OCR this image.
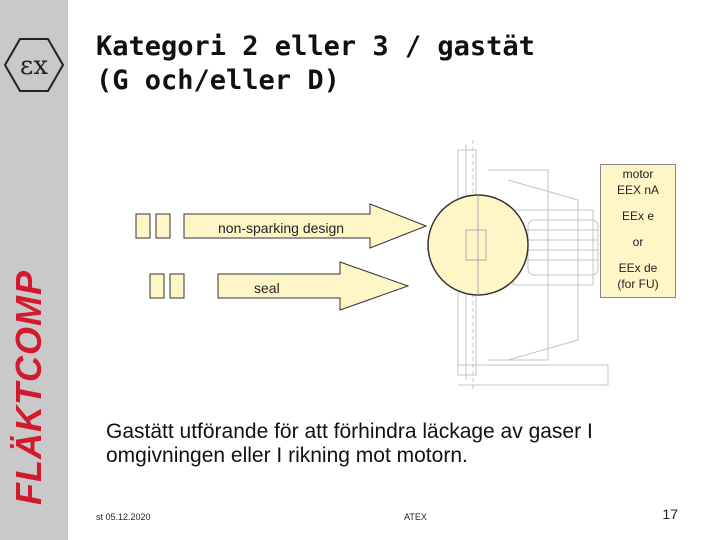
ɛx
FLÄKTCOMP
Kategori 2 eller 3 / gastät
(G och/eller D)
non-sparking design
seal
motor
EEX nA
EEx e
or
EEx de
(for FU)

Gastätt utförande för att förhindra läckage av gaser I omgivningen eller I rikning mot motorn.

st 05.12.2020	ATEX	17
